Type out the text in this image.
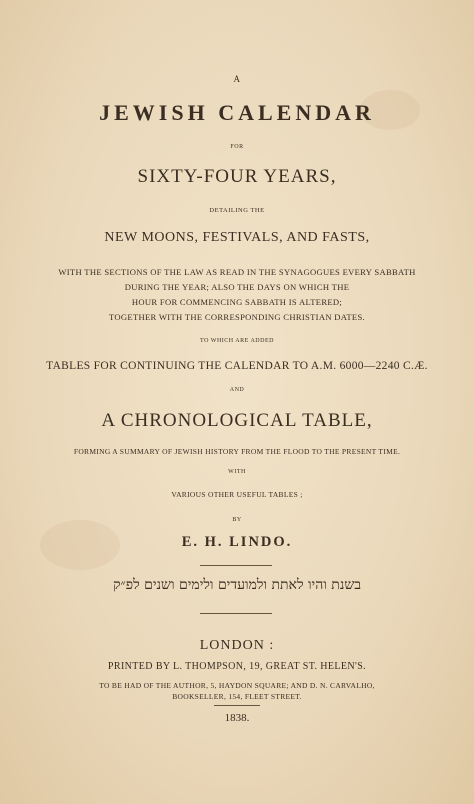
A
JEWISH CALENDAR
FOR
SIXTY-FOUR YEARS,
DETAILING THE
NEW MOONS, FESTIVALS, AND FASTS,
WITH THE SECTIONS OF THE LAW AS READ IN THE SYNAGOGUES EVERY SABBATH
DURING THE YEAR; ALSO THE DAYS ON WHICH THE
HOUR FOR COMMENCING SABBATH IS ALTERED;
TOGETHER WITH THE CORRESPONDING CHRISTIAN DATES.
TO WHICH ARE ADDED
TABLES FOR CONTINUING THE CALENDAR TO A.M. 6000—2240 C.Æ.
AND
A CHRONOLOGICAL TABLE,
FORMING A SUMMARY OF JEWISH HISTORY FROM THE FLOOD TO THE PRESENT TIME.
WITH
VARIOUS OTHER USEFUL TABLES ;
BY
E. H. LINDO.
בשנת והיו לאתת ולמועדים ולימים ושנים לפ״ק
LONDON :
PRINTED BY L. THOMPSON, 19, GREAT ST. HELEN'S.
TO BE HAD OF THE AUTHOR, 5, HAYDON SQUARE; AND D. N. CARVALHO,
BOOKSELLER, 154, FLEET STREET.
1838.
